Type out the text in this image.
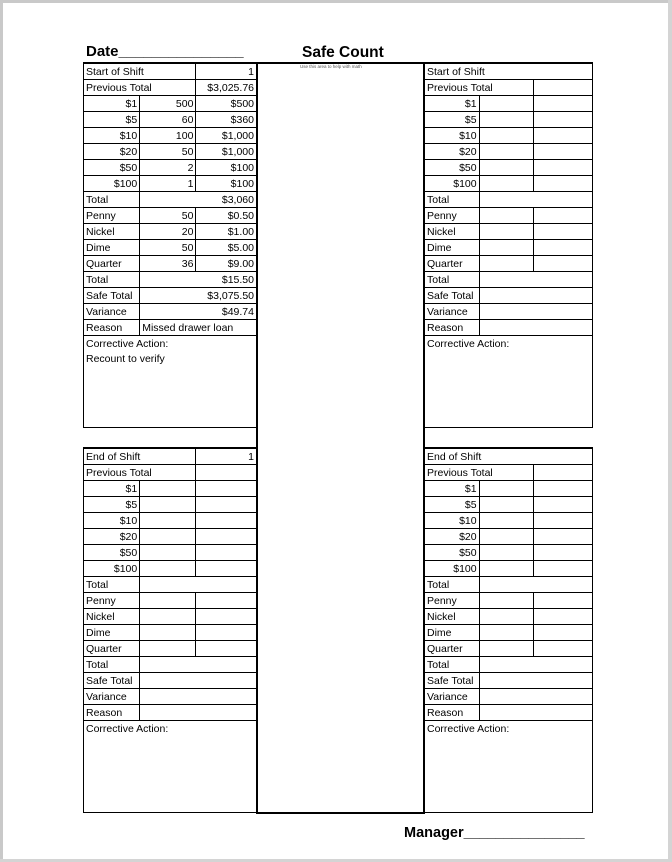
Date_______________	Safe Count
Use this area to help with math
Manager_______________
Start of Shift		1
Previous Total		$3,025.76
$1	500	$500
$5	60	$360
$10	100	$1,000
$20	50	$1,000
$50	2	$100
$100	1	$100
Total	$3,060	
Penny	50	$0.50
Nickel	20	$1.00
Dime	50	$5.00
Quarter	36	$9.00
Total	$15.50	
Safe Total	$3,075.50	
Variance	$49.74	
Reason	Missed drawer loan	

Corrective Action:
Recount to verify		
Start of Shift		
Previous Total		
$1		
$5		
$10		
$20		
$50		
$100		
Total		
Penny		
Nickel		
Dime		
Quarter		
Total		
Safe Total		
Variance		
Reason		

Corrective Action:		
End of Shift		1
Previous Total		
$1		
$5		
$10		
$20		
$50		
$100		
Total		
Penny		
Nickel		
Dime		
Quarter		
Total		
Safe Total		
Variance		
Reason		

Corrective Action:		
End of Shift		
Previous Total		
$1		
$5		
$10		
$20		
$50		
$100		
Total		
Penny		
Nickel		
Dime		
Quarter		
Total		
Safe Total		
Variance		
Reason		

Corrective Action:		
